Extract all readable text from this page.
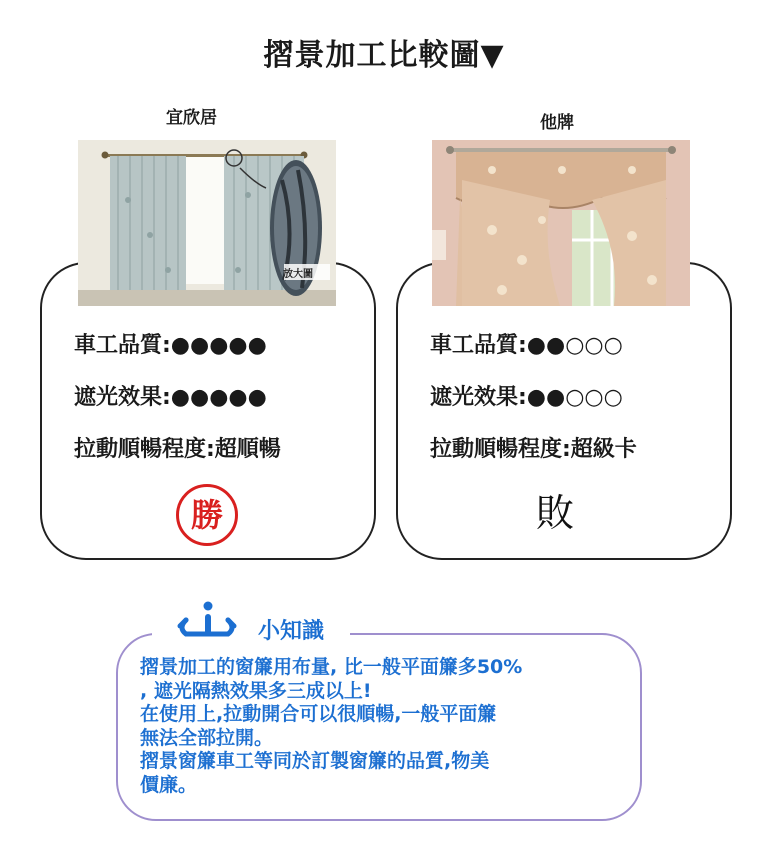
摺景加工比較圖▼
宜欣居	他牌
放大圖
車工品質:●●●●●
遮光效果:●●●●●
拉動順暢程度:超順暢
車工品質:●●○○○
遮光效果:●●○○○
拉動順暢程度:超級卡
勝	敗
小知識
摺景加工的窗簾用布量, 比一般平面簾多50%
, 遮光隔熱效果多三成以上!
在使用上,拉動開合可以很順暢,一般平面簾
無法全部拉開。
摺景窗簾車工等同於訂製窗簾的品質,物美
價廉。
